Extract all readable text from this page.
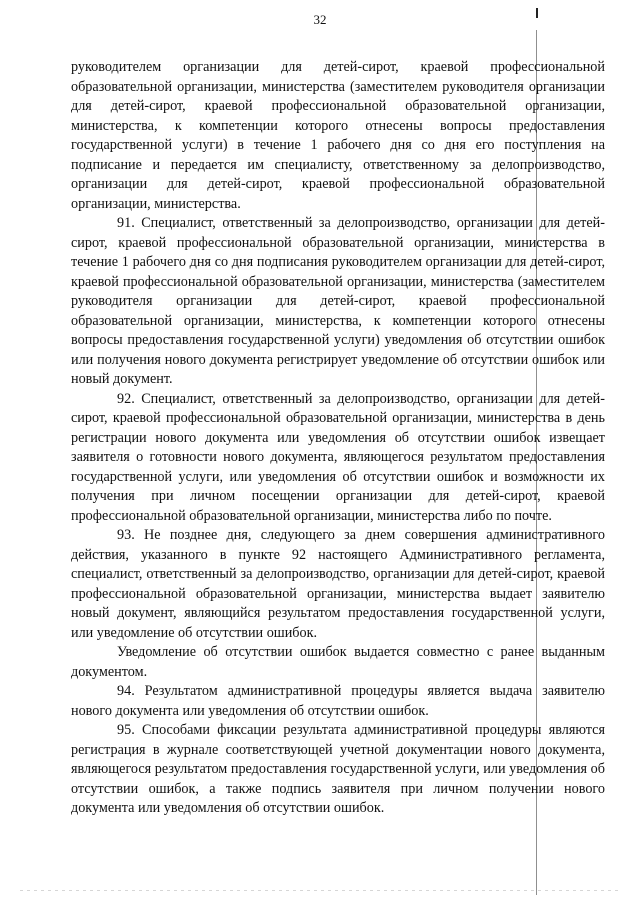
32

руководителем организации для детей-сирот, краевой профессиональной образовательной организации, министерства (заместителем руководителя организации для детей-сирот, краевой профессиональной образовательной организации, министерства, к компетенции которого отнесены вопросы предоставления государственной услуги) в течение 1 рабочего дня со дня его поступления на подписание и передается им специалисту, ответственному за делопроизводство, организации для детей-сирот, краевой профессиональной образовательной организации, министерства.

91. Специалист, ответственный за делопроизводство, организации для детей-сирот, краевой профессиональной образовательной организации, министерства в течение 1 рабочего дня со дня подписания руководителем организации для детей-сирот, краевой профессиональной образовательной организации, министерства (заместителем руководителя организации для детей-сирот, краевой профессиональной образовательной организации, министерства, к компетенции которого отнесены вопросы предоставления государственной услуги) уведомления об отсутствии ошибок или получения нового документа регистрирует уведомление об отсутствии ошибок или новый документ.

92. Специалист, ответственный за делопроизводство, организации для детей-сирот, краевой профессиональной образовательной организации, министерства в день регистрации нового документа или уведомления об отсутствии ошибок извещает заявителя о готовности нового документа, являющегося результатом предоставления государственной услуги, или уведомления об отсутствии ошибок и возможности их получения при личном посещении организации для детей-сирот, краевой профессиональной образовательной организации, министерства либо по почте.

93. Не позднее дня, следующего за днем совершения административного действия, указанного в пункте 92 настоящего Административного регламента, специалист, ответственный за делопроизводство, организации для детей-сирот, краевой профессиональной образовательной организации, министерства выдает заявителю новый документ, являющийся результатом предоставления государственной услуги, или уведомление об отсутствии ошибок.

Уведомление об отсутствии ошибок выдается совместно с ранее выданным документом.

94. Результатом административной процедуры является выдача заявителю нового документа или уведомления об отсутствии ошибок.

95. Способами фиксации результата административной процедуры являются регистрация в журнале соответствующей учетной документации нового документа, являющегося результатом предоставления государственной услуги, или уведомления об отсутствии ошибок, а также подпись заявителя при личном получении нового документа или уведомления об отсутствии ошибок.
